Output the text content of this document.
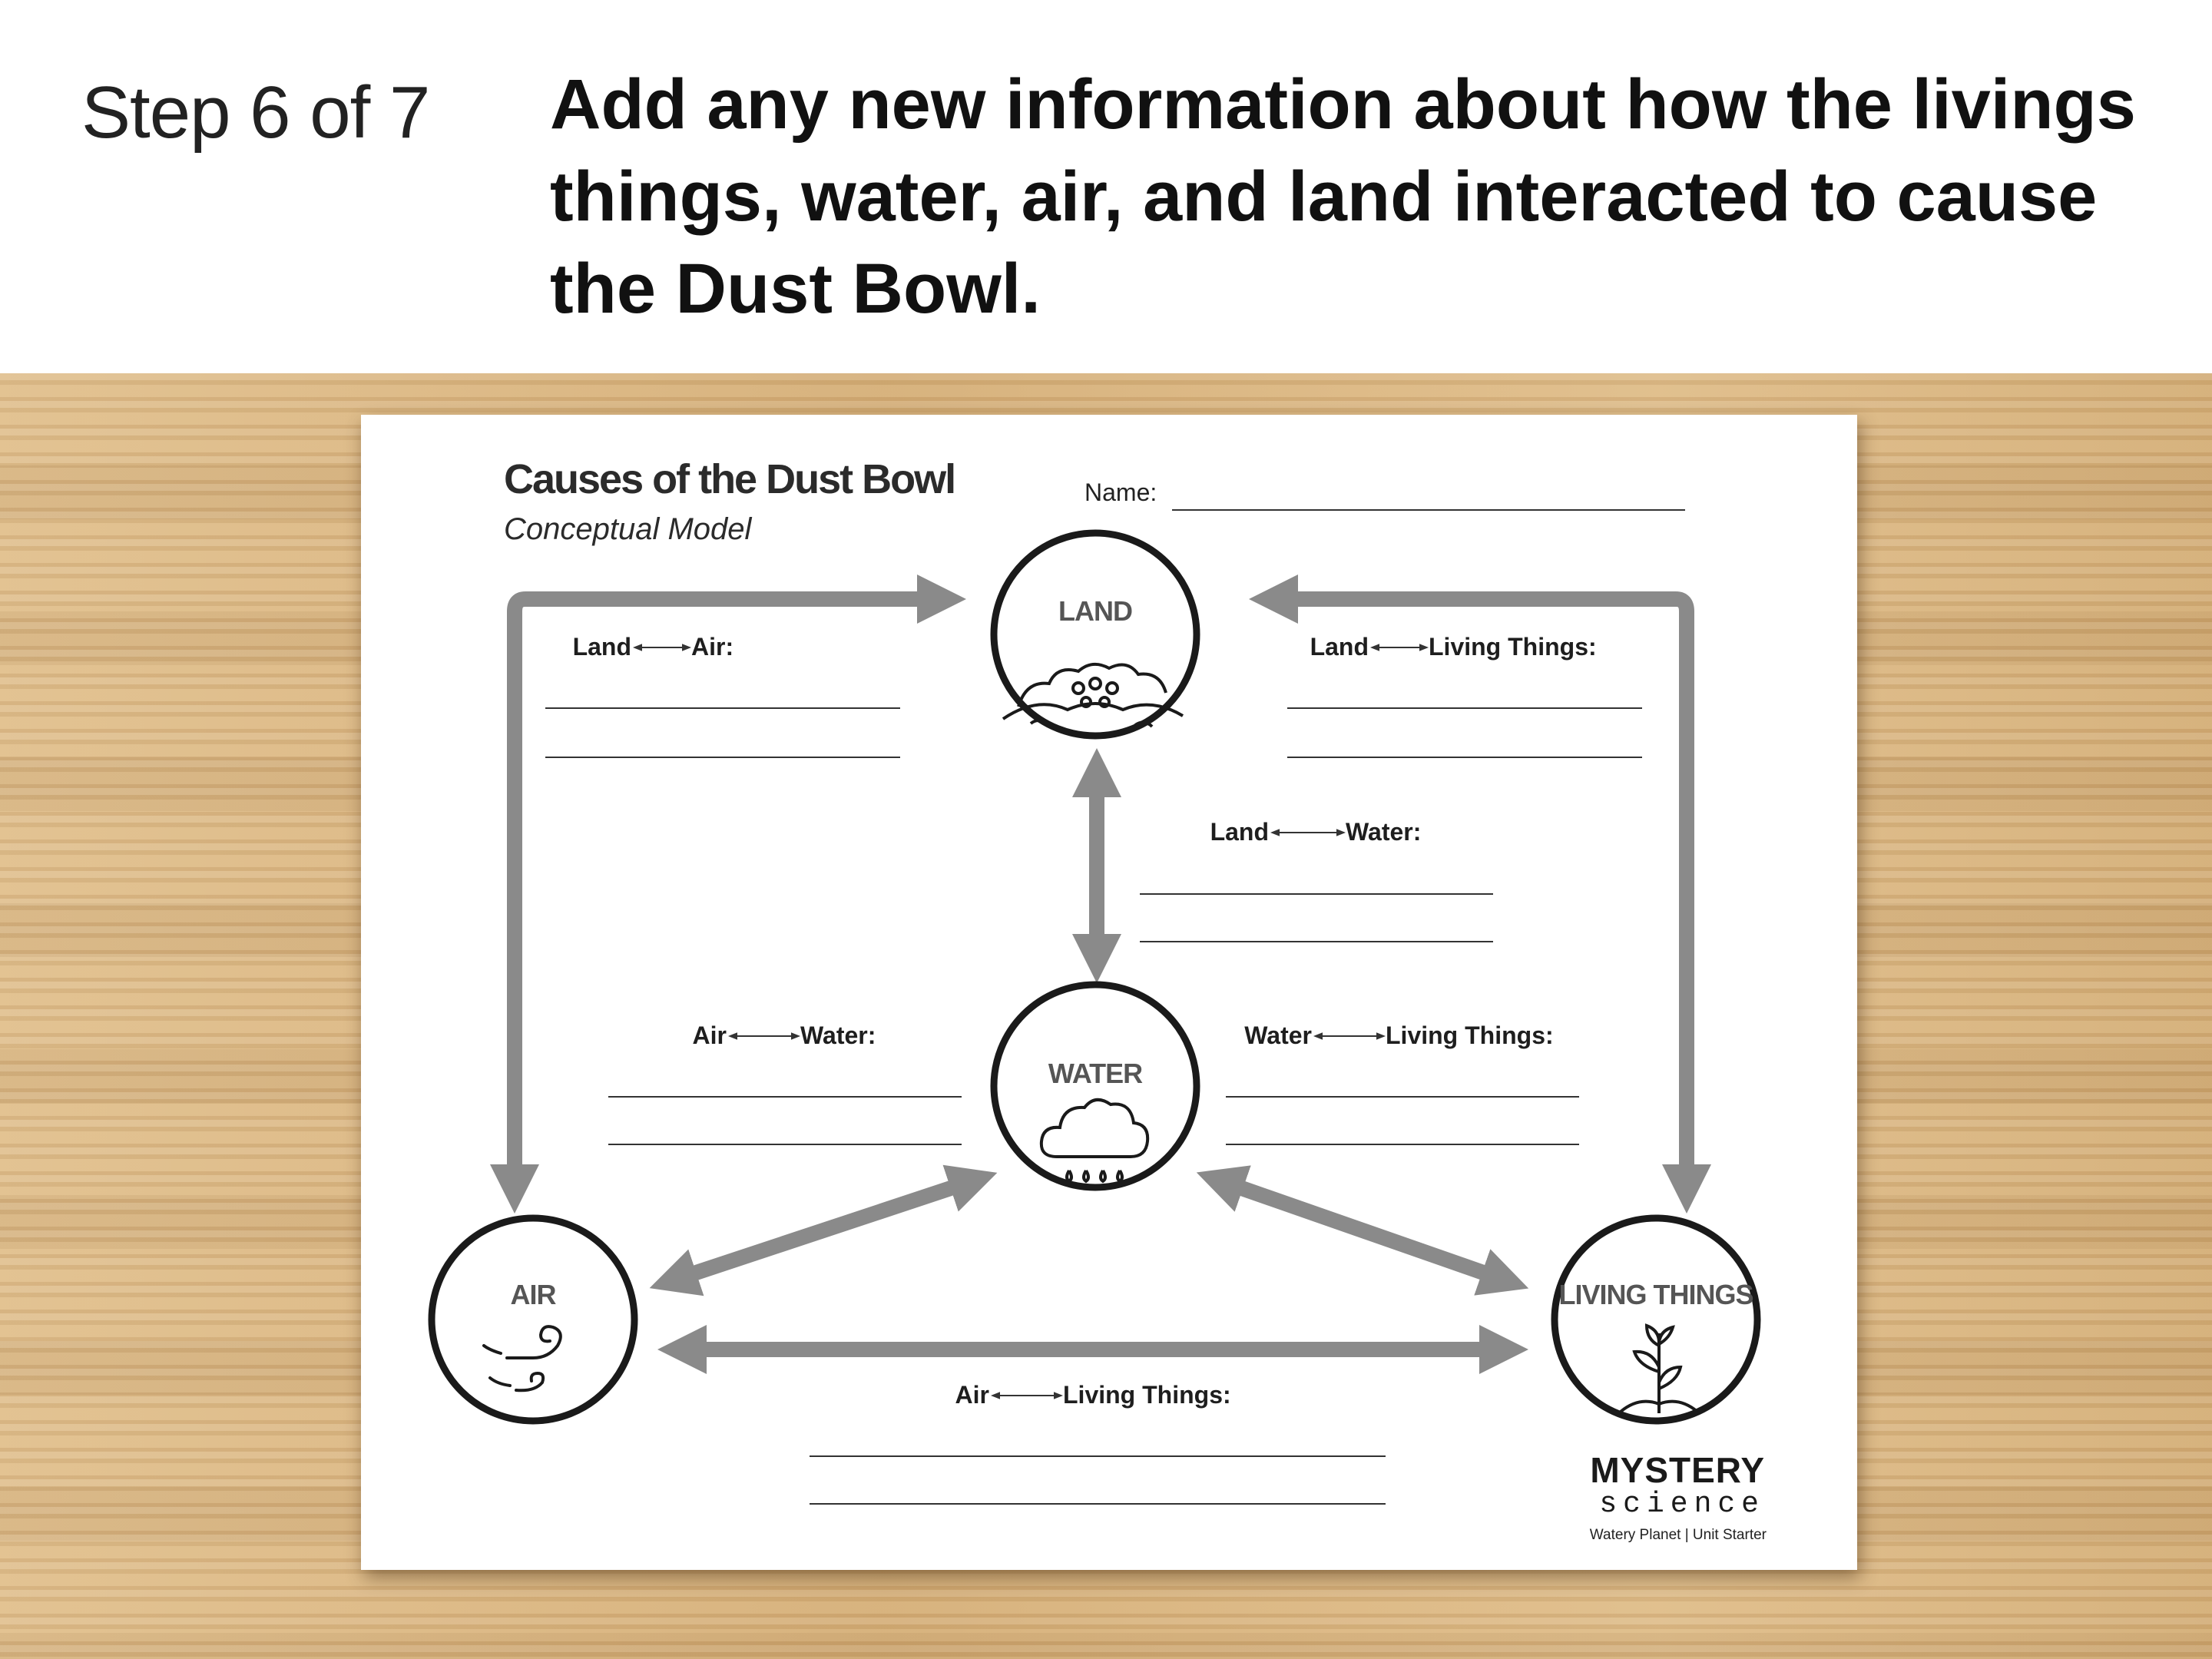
Step 6 of 7 Add any new information about how the livings things, water, air, and land interacted to cause the Dust Bowl.
Causes of the Dust Bowl
Conceptual Model
Name:
LAND
WATER
AIR	LIVING THINGS
Land Air:	Land Living Things:
Land	Water:
Air	Water:	Water	Living Things:
Air	Living Things:
MYSTERY
science
Watery Planet | Unit Starter
